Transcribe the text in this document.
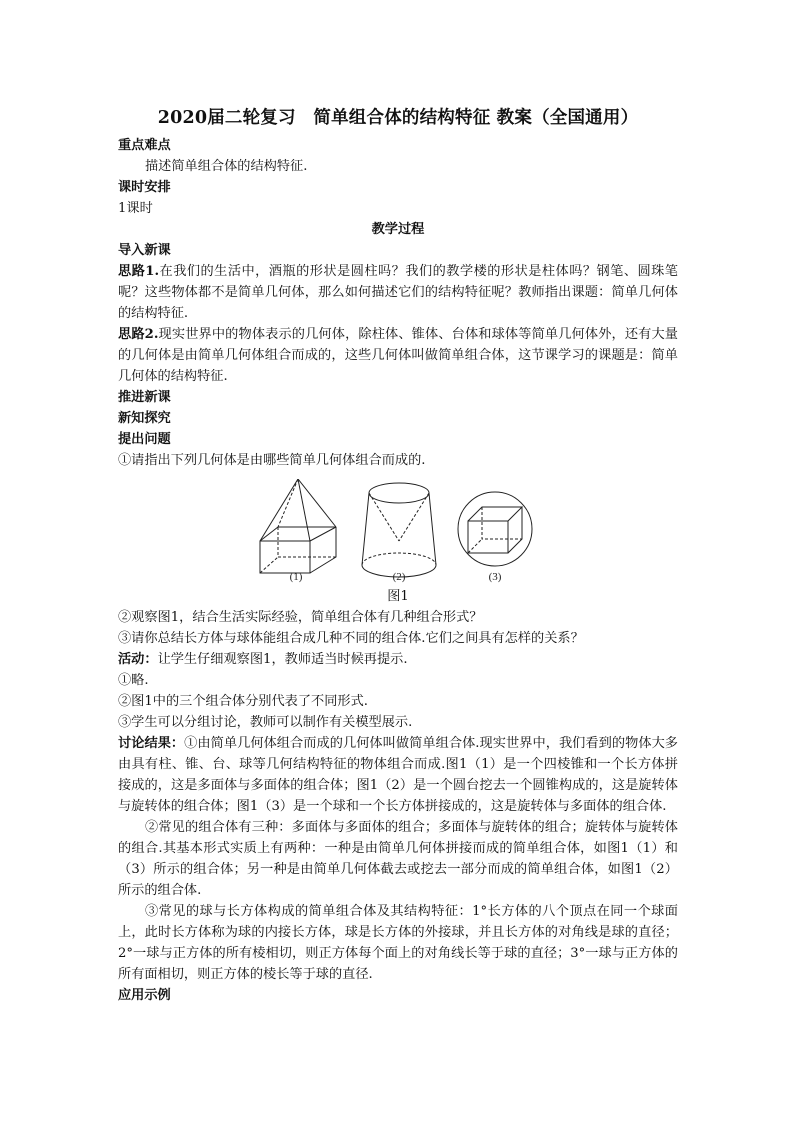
2020届二轮复习　简单组合体的结构特征 教案（全国通用）
重点难点
描述简单组合体的结构特征.
课时安排
1课时
教学过程
导入新课
思路1.在我们的生活中，酒瓶的形状是圆柱吗？我们的教学楼的形状是柱体吗？钢笔、圆珠笔呢？这些物体都不是简单几何体，那么如何描述它们的结构特征呢？教师指出课题：简单几何体的结构特征.
思路2.现实世界中的物体表示的几何体，除柱体、锥体、台体和球体等简单几何体外，还有大量的几何体是由简单几何体组合而成的，这些几何体叫做简单组合体，这节课学习的课题是：简单几何体的结构特征.
推进新课
新知探究
提出问题
①请指出下列几何体是由哪些简单几何体组合而成的.
(1)	(2)	(3)
图1
②观察图1，结合生活实际经验，简单组合体有几种组合形式？
③请你总结长方体与球体能组合成几种不同的组合体.它们之间具有怎样的关系？
活动：让学生仔细观察图1，教师适当时候再提示.
①略.
②图1中的三个组合体分别代表了不同形式.
③学生可以分组讨论，教师可以制作有关模型展示.
讨论结果：①由简单几何体组合而成的几何体叫做简单组合体.现实世界中，我们看到的物体大多由具有柱、锥、台、球等几何结构特征的物体组合而成.图1（1）是一个四棱锥和一个长方体拼接成的，这是多面体与多面体的组合体；图1（2）是一个圆台挖去一个圆锥构成的，这是旋转体与旋转体的组合体；图1（3）是一个球和一个长方体拼接成的，这是旋转体与多面体的组合体.
②常见的组合体有三种：多面体与多面体的组合；多面体与旋转体的组合；旋转体与旋转体的组合.其基本形式实质上有两种：一种是由简单几何体拼接而成的简单组合体，如图1（1）和（3）所示的组合体；另一种是由简单几何体截去或挖去一部分而成的简单组合体，如图1（2）所示的组合体.
③常见的球与长方体构成的简单组合体及其结构特征：1°长方体的八个顶点在同一个球面上，此时长方体称为球的内接长方体，球是长方体的外接球，并且长方体的对角线是球的直径；2°一球与正方体的所有棱相切，则正方体每个面上的对角线长等于球的直径；3°一球与正方体的所有面相切，则正方体的棱长等于球的直径.
应用示例
